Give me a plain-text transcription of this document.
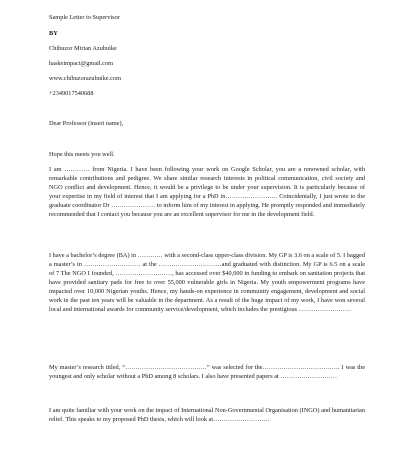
Sample Letter to Supervisor
BY
Chibuzor Mirian Azubuike
haskeimpact@gmail.com
www.chibuzorazubuike.com
+2349017540688
Dear Professor (insert name),
Hope this meets you well.

I am ………… from Nigeria. I have been following your work on Google Scholar, you are a renowned scholar, with remarkable contributions and pedigree. We share similar research interests in political communication, civil society and NGO conflict and development. Hence, it would be a privilege to be under your supervision. It is particularly because of your expertise in my field of interest that I am applying for a PhD in……………………. Coincidentally, I just wrote to the graduate coordinator Dr ………………… to inform him of my interest in applying. He promptly responded and immediately recommended that I contact you because you are an excellent supervisor for me in the development field.

I have a bachelor’s degree (BA) in ………… with a second-class upper-class division. My GP is 3.6 on a scale of 5. I bagged a master’s in ……………………… at the …………………………and graduated with distinction. My GP is 6.5 on a scale of 7 The NGO I founded, ………………………, has accessed over $40,000 in funding to embark on sanitation projects that have provided sanitary pads for free to over 55,000 vulnerable girls in Nigeria. My youth empowerment programs have impacted over 10,000 Nigerian youths. Hence, my hands-on experience in community engagement, development and social work in the past ten years will be valuable in the department. As a result of the huge impact of my work, I have won several local and international awards for community service/development, which includes the prestigious …………………….

My master’s research titled, “…………………………………” was selected for the………………………………. I was the youngest and only scholar without a PhD among 8 scholars. I also have presented papers at ………………………

I am quite familiar with your work on the impact of International Non-Governmental Organisation (INGO) and humanitarian relief. This speaks to my proposed PhD thesis, which will look at………………………
